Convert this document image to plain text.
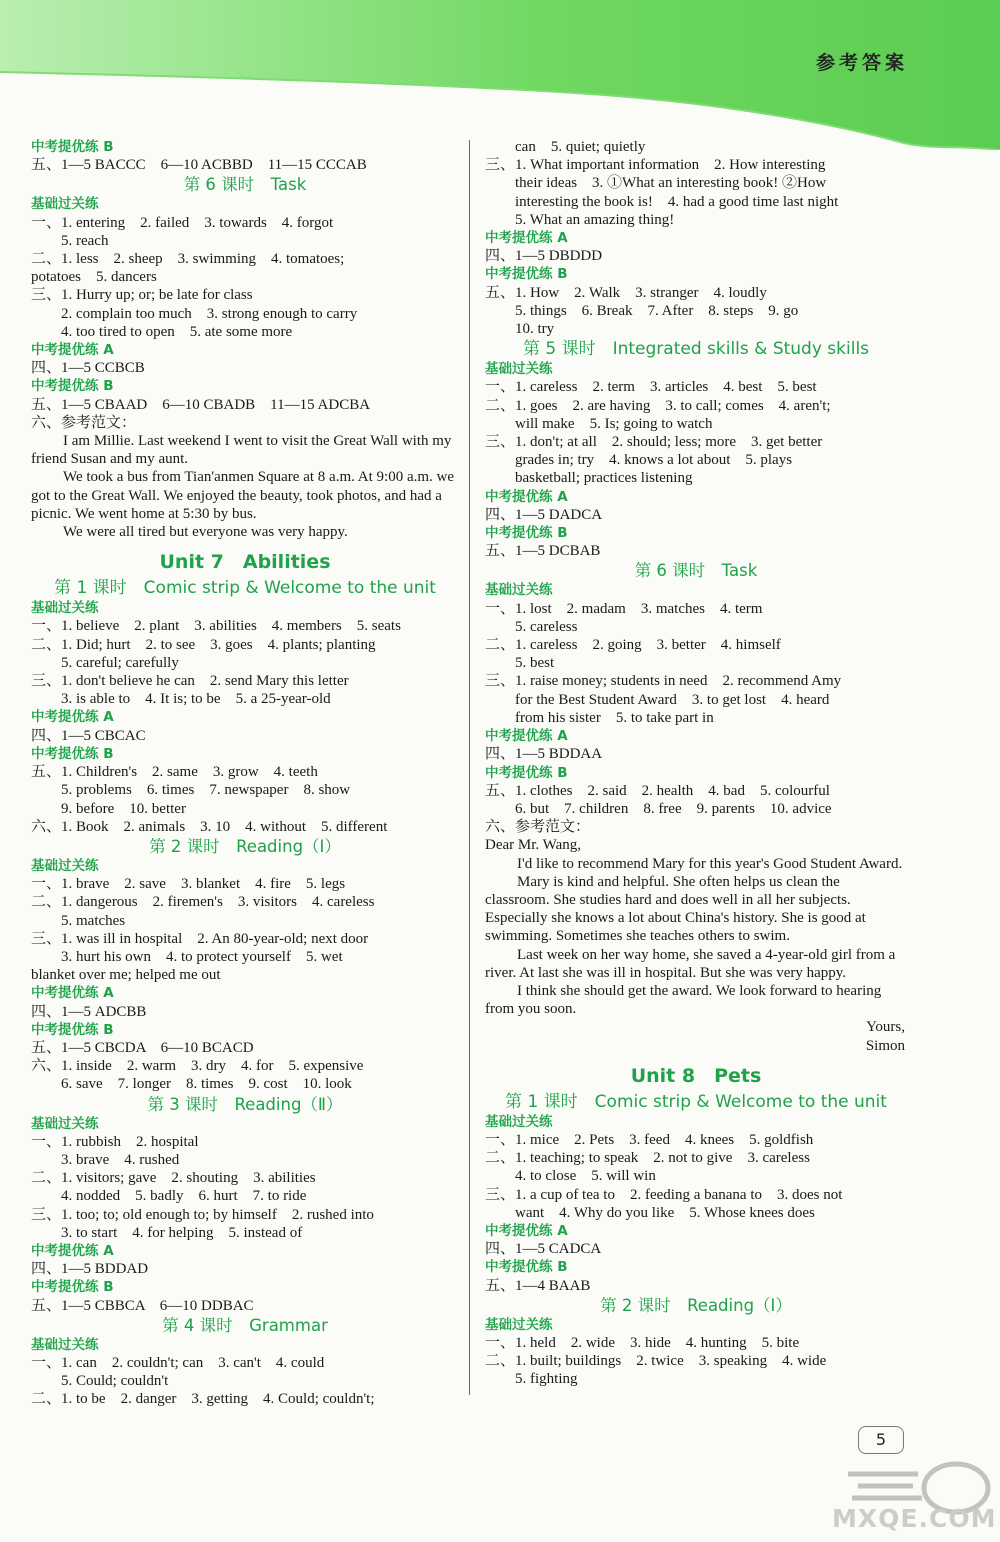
参考答案
中考提优练 B
五、1—5 BACCC　6—10 ACBBD　11—15 CCCAB
第 6 课时　Task
基础过关练
一、1. entering　2. failed　3. towards　4. forgot
5. reach
二、1. less　2. sheep　3. swimming　4. tomatoes;
potatoes　5. dancers
三、1. Hurry up; or; be late for class
2. complain too much　3. strong enough to carry
4. too tired to open　5. ate some more
中考提优练 A
四、1—5 CCBCB
中考提优练 B
五、1—5 CBAAD　6—10 CBADB　11—15 ADCBA
六、参考范文：
I am Millie. Last weekend I went to visit the Great Wall with my friend Susan and my aunt.
We took a bus from Tian'anmen Square at 8 a.m. At 9:00 a.m. we got to the Great Wall. We enjoyed the beauty, took photos, and had a picnic. We went home at 5:30 by bus.
We were all tired but everyone was very happy.
Unit 7　Abilities
第 1 课时　Comic strip & Welcome to the unit
基础过关练
一、1. believe　2. plant　3. abilities　4. members　5. seats
二、1. Did; hurt　2. to see　3. goes　4. plants; planting
5. careful; carefully
三、1. don't believe he can　2. send Mary this letter
3. is able to　4. It is; to be　5. a 25-year-old
中考提优练 A
四、1—5 CBCAC
中考提优练 B
五、1. Children's　2. same　3. grow　4. teeth
5. problems　6. times　7. newspaper　8. show
9. before　10. better
六、1. Book　2. animals　3. 10　4. without　5. different
第 2 课时　Reading（Ⅰ）
基础过关练
一、1. brave　2. save　3. blanket　4. fire　5. legs
二、1. dangerous　2. firemen's　3. visitors　4. careless
5. matches
三、1. was ill in hospital　2. An 80-year-old; next door
3. hurt his own　4. to protect yourself　5. wet
blanket over me; helped me out
中考提优练 A
四、1—5 ADCBB
中考提优练 B
五、1—5 CBCDA　6—10 BCACD
六、1. inside　2. warm　3. dry　4. for　5. expensive
6. save　7. longer　8. times　9. cost　10. look
第 3 课时　Reading（Ⅱ）
基础过关练
一、1. rubbish　2. hospital
3. brave　4. rushed
二、1. visitors; gave　2. shouting　3. abilities
4. nodded　5. badly　6. hurt　7. to ride
三、1. too; to; old enough to; by himself　2. rushed into
3. to start　4. for helping　5. instead of
中考提优练 A
四、1—5 BDDAD
中考提优练 B
五、1—5 CBBCA　6—10 DDBAC
第 4 课时　Grammar
基础过关练
一、1. can　2. couldn't; can　3. can't　4. could
5. Could; couldn't
二、1. to be　2. danger　3. getting　4. Could; couldn't;
can　5. quiet; quietly
三、1. What important information　2. How interesting
their ideas　3. ①What an interesting book! ②How
interesting the book is!　4. had a good time last night
5. What an amazing thing!
中考提优练 A
四、1—5 DBDDD
中考提优练 B
五、1. How　2. Walk　3. stranger　4. loudly
5. things　6. Break　7. After　8. steps　9. go
10. try
第 5 课时　Integrated skills & Study skills
基础过关练
一、1. careless　2. term　3. articles　4. best　5. best
二、1. goes　2. are having　3. to call; comes　4. aren't;
will make　5. Is; going to watch
三、1. don't; at all　2. should; less; more　3. get better
grades in; try　4. knows a lot about　5. plays
basketball; practices listening
中考提优练 A
四、1—5 DADCA
中考提优练 B
五、1—5 DCBAB
第 6 课时　Task
基础过关练
一、1. lost　2. madam　3. matches　4. term
5. careless
二、1. careless　2. going　3. better　4. himself
5. best
三、1. raise money; students in need　2. recommend Amy
for the Best Student Award　3. to get lost　4. heard
from his sister　5. to take part in
中考提优练 A
四、1—5 BDDAA
中考提优练 B
五、1. clothes　2. said　2. health　4. bad　5. colourful
6. but　7. children　8. free　9. parents　10. advice
六、参考范文：
Dear Mr. Wang,
I'd like to recommend Mary for this year's Good Student Award.
Mary is kind and helpful. She often helps us clean the classroom. She studies hard and does well in all her subjects. Especially she knows a lot about China's history. She is good at swimming. Sometimes she teaches others to swim.
Last week on her way home, she saved a 4-year-old girl from a river. At last she was ill in hospital. But she was very happy.
I think she should get the award. We look forward to hearing from you soon.
Yours,
Simon
Unit 8　Pets
第 1 课时　Comic strip & Welcome to the unit
基础过关练
一、1. mice　2. Pets　3. feed　4. knees　5. goldfish
二、1. teaching; to speak　2. not to give　3. careless
4. to close　5. will win
三、1. a cup of tea to　2. feeding a banana to　3. does not
want　4. Why do you like　5. Whose knees does
中考提优练 A
四、1—5 CADCA
中考提优练 B
五、1—4 BAAB
第 2 课时　Reading（Ⅰ）
基础过关练
一、1. held　2. wide　3. hide　4. hunting　5. bite
二、1. built; buildings　2. twice　3. speaking　4. wide
5. fighting
5
MXQE.COM
